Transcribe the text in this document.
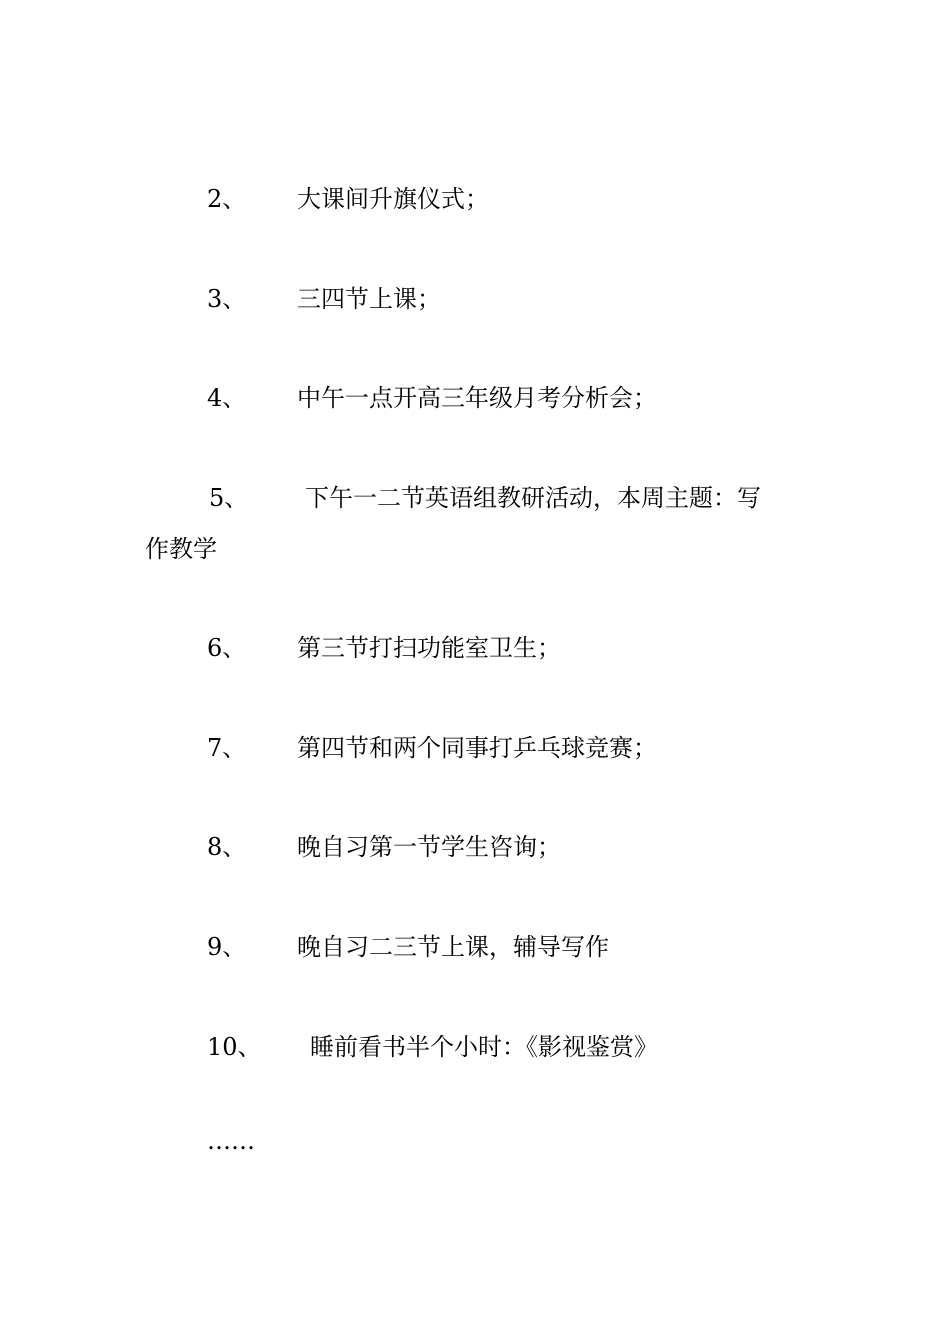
2、 大课间升旗仪式；
3、 三四节上课；
4、 中午一点开高三年级月考分析会；
5、 下午一二节英语组教研活动，本周主题：写
作教学
6、 第三节打扫功能室卫生；
7、 第四节和两个同事打乒乓球竞赛；
8、 晚自习第一节学生咨询；
9、 晚自习二三节上课，辅导写作
10、 睡前看书半个小时：《影视鉴赏》
……
